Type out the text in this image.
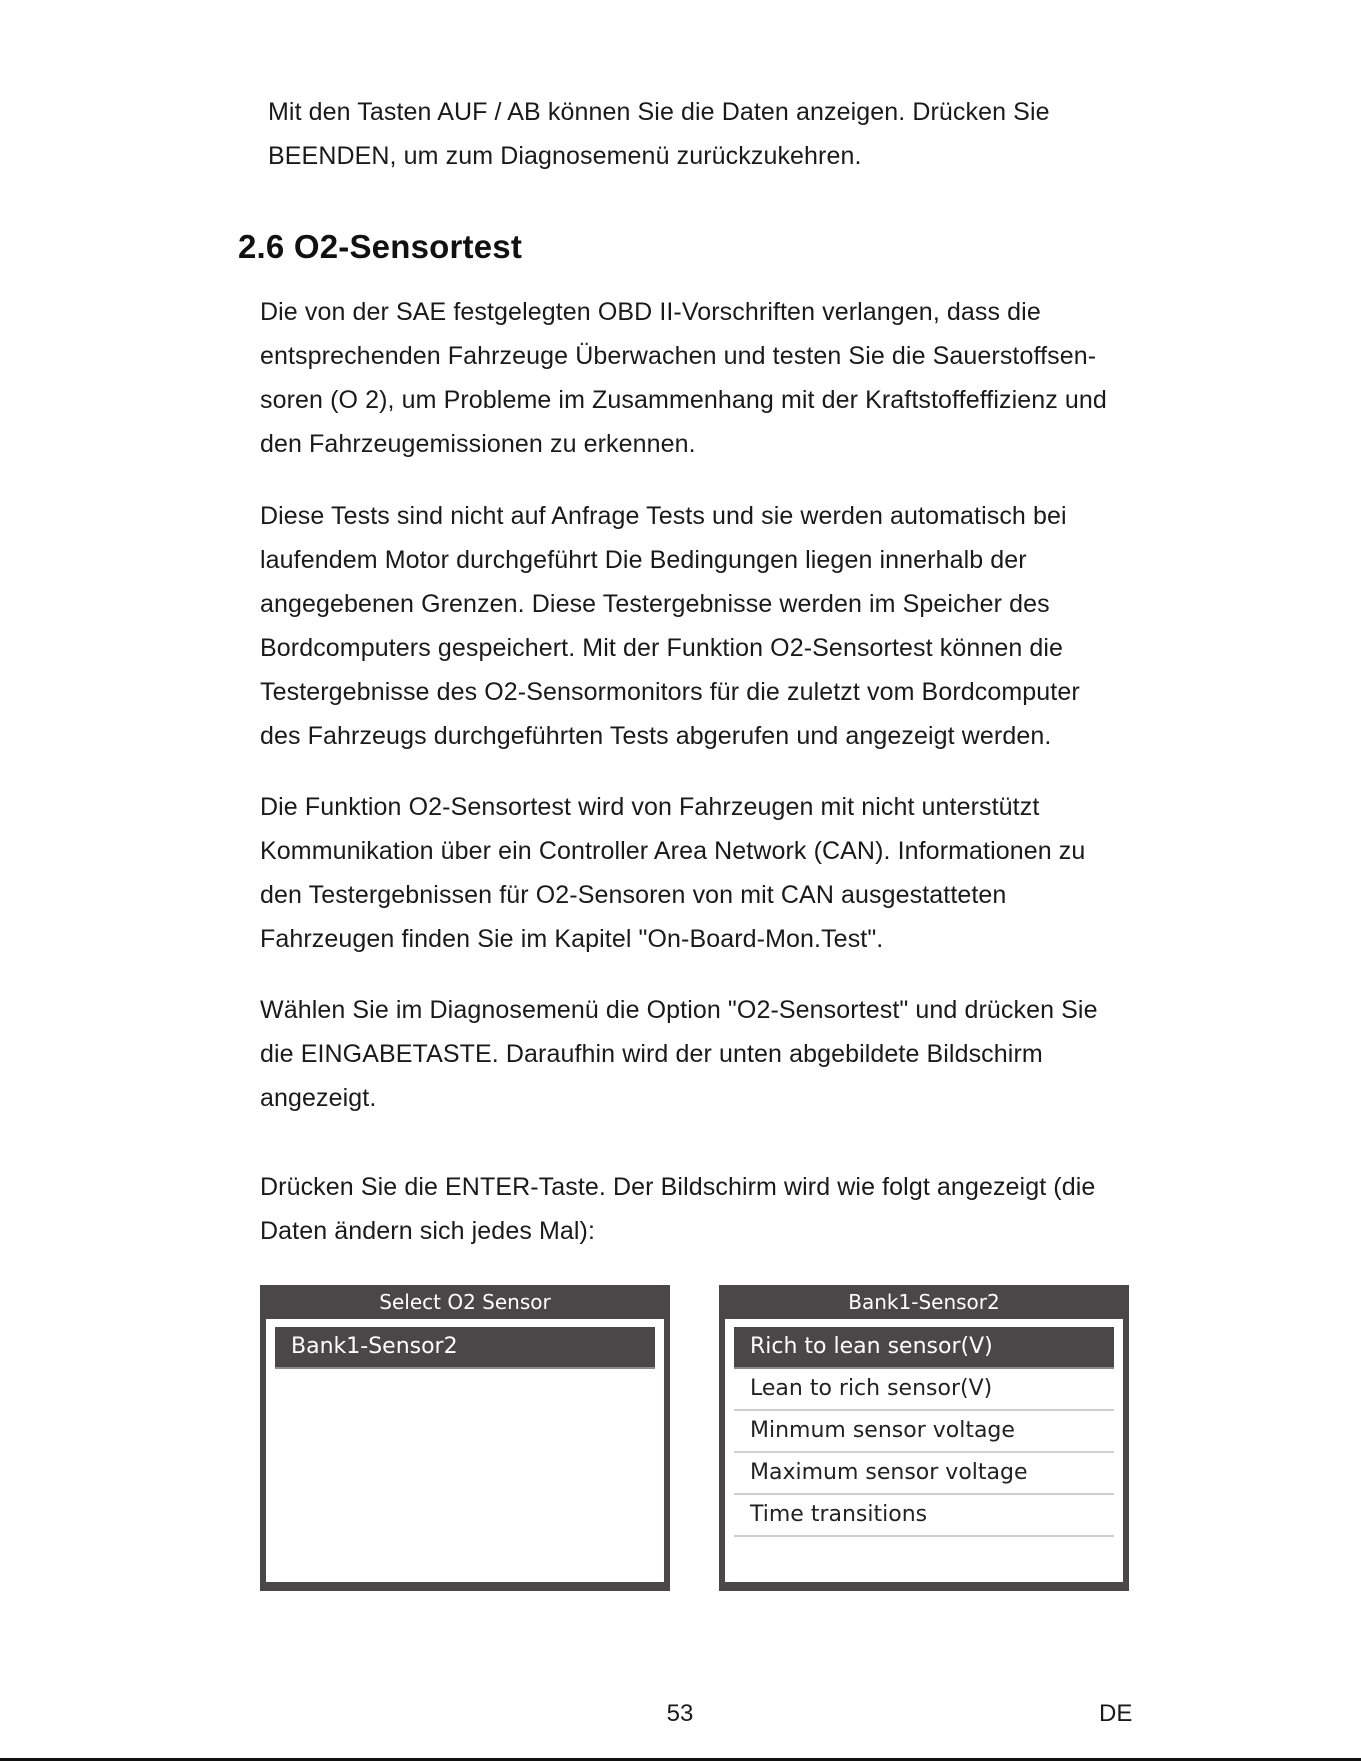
Mit den Tasten AUF / AB können Sie die Daten anzeigen. Drücken Sie

BEENDEN, um zum Diagnosemenü zurückzukehren.

2.6 O2-Sensortest

Die von der SAE festgelegten OBD II-Vorschriften verlangen, dass die
entsprechenden Fahrzeuge Überwachen und testen Sie die Sauerstoffsen-
soren (O 2), um Probleme im Zusammenhang mit der Kraftstoffeffizienz und
den Fahrzeugemissionen zu erkennen.

Diese Tests sind nicht auf Anfrage Tests und sie werden automatisch bei
laufendem Motor durchgeführt Die Bedingungen liegen innerhalb der
angegebenen Grenzen. Diese Testergebnisse werden im Speicher des
Bordcomputers gespeichert. Mit der Funktion O2-Sensortest können die
Testergebnisse des O2-Sensormonitors für die zuletzt vom Bordcomputer
des Fahrzeugs durchgeführten Tests abgerufen und angezeigt werden.

Die Funktion O2-Sensortest wird von Fahrzeugen mit nicht unterstützt
Kommunikation über ein Controller Area Network (CAN). Informationen zu
den Testergebnissen für O2-Sensoren von mit CAN ausgestatteten
Fahrzeugen finden Sie im Kapitel "On-Board-Mon.Test".

Wählen Sie im Diagnosemenü die Option "O2-Sensortest" und drücken Sie
die EINGABETASTE. Daraufhin wird der unten abgebildete Bildschirm
angezeigt.

Drücken Sie die ENTER-Taste. Der Bildschirm wird wie folgt angezeigt (die
Daten ändern sich jedes Mal):

Select O2 Sensor
Bank1-Sensor2
Bank1-Sensor2
Rich to lean sensor(V)
Lean to rich sensor(V)
Minmum sensor voltage
Maximum sensor voltage
Time transitions
53	DE
